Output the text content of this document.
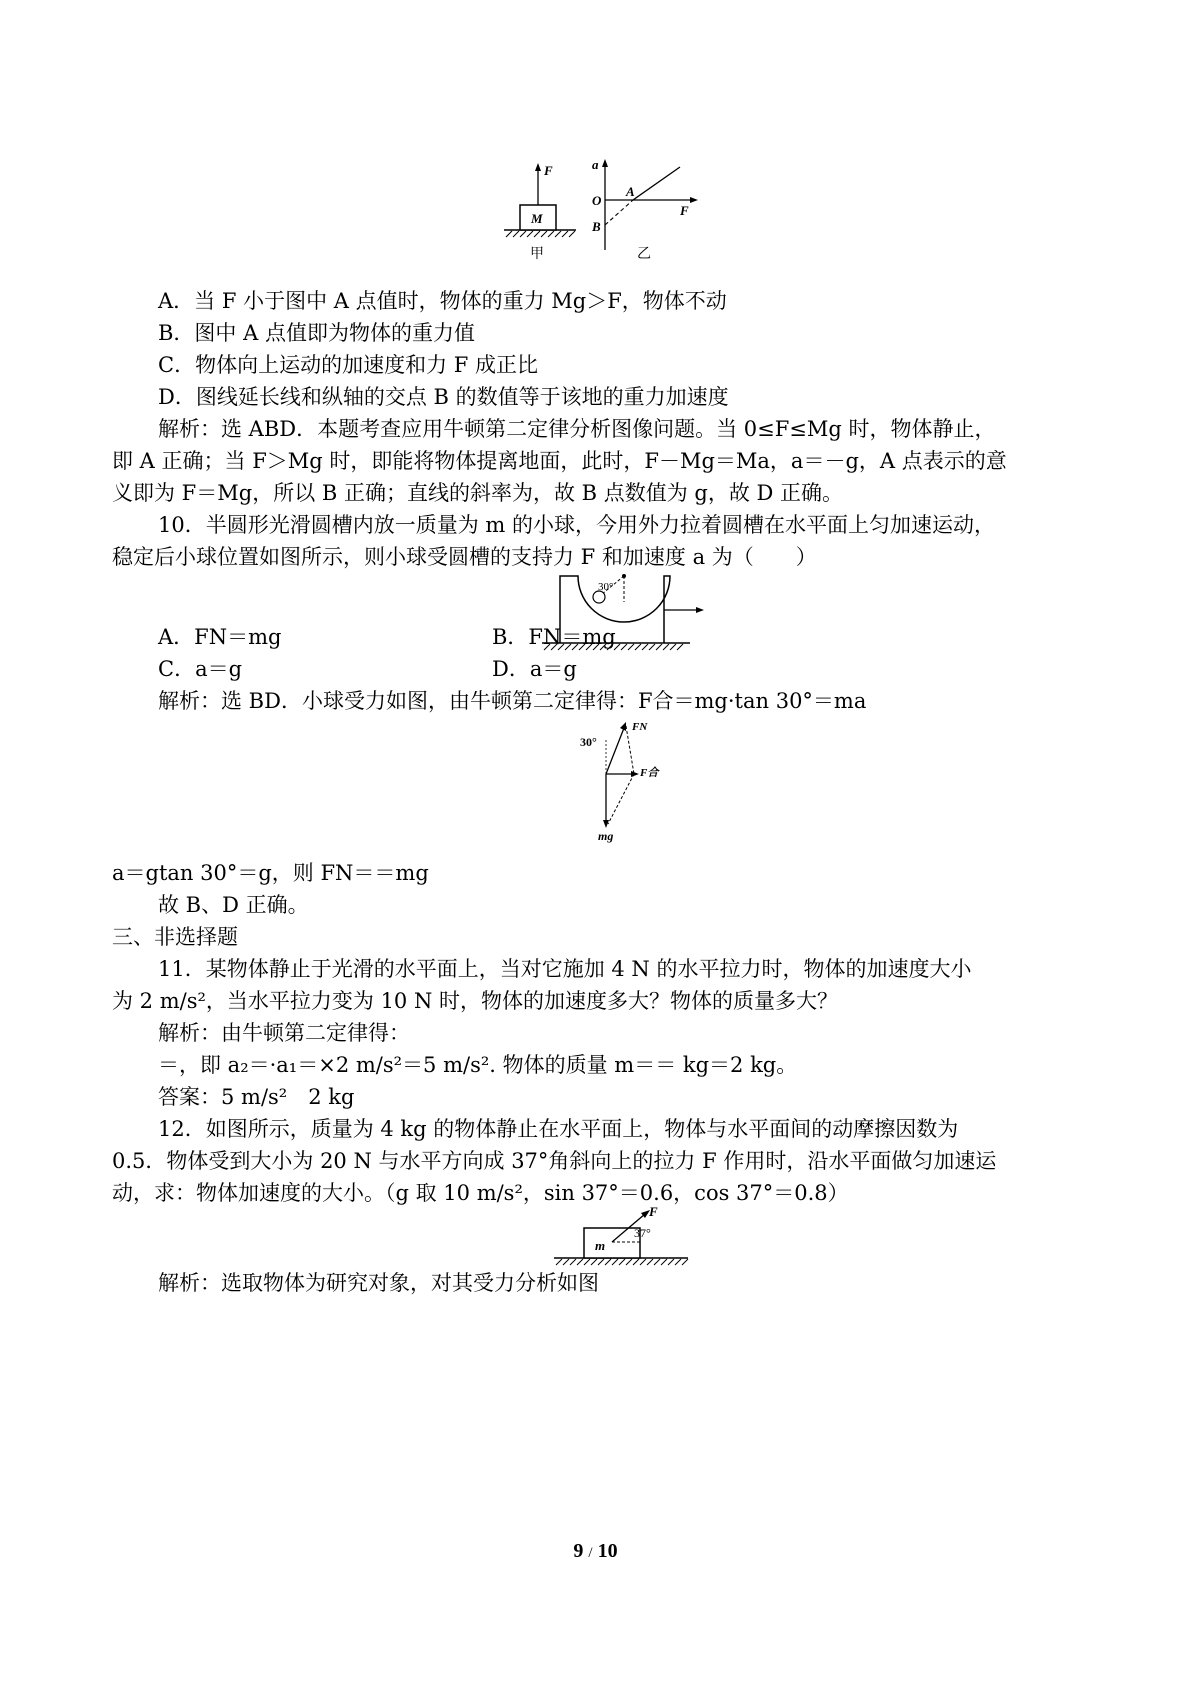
F
M
甲
a
O
A
B
F
乙
A．当 F 小于图中 A 点值时，物体的重力 Mg＞F，物体不动
B．图中 A 点值即为物体的重力值
C．物体向上运动的加速度和力 F 成正比
D．图线延长线和纵轴的交点 B 的数值等于该地的重力加速度
解析：选 ABD．本题考查应用牛顿第二定律分析图像问题。当 0≤F≤Mg 时，物体静止，
即 A 正确；当 F＞Mg 时，即能将物体提离地面，此时，F－Mg＝Ma，a＝－g，A 点表示的意
义即为 F＝Mg，所以 B 正确；直线的斜率为，故 B 点数值为 g，故 D 正确。
10．半圆形光滑圆槽内放一质量为 m 的小球，今用外力拉着圆槽在水平面上匀加速运动，
稳定后小球位置如图所示，则小球受圆槽的支持力 F 和加速度 a 为（　　）
30°
A．FN＝mg	B．FN＝mg
C．a＝g	D．a＝g
解析：选 BD．小球受力如图，由牛顿第二定律得：F合＝mg·tan 30°＝ma
30°
FN
F合
mg
a＝gtan 30°＝g，则 FN＝＝mg
故 B、D 正确。
三、非选择题
11．某物体静止于光滑的水平面上，当对它施加 4 N 的水平拉力时，物体的加速度大小
为 2 m/s²，当水平拉力变为 10 N 时，物体的加速度多大？物体的质量多大？
解析：由牛顿第二定律得：
＝，即 a₂＝·a₁＝×2 m/s²＝5 m/s². 物体的质量 m＝＝ kg＝2 kg。
答案：5 m/s²　2 kg
12．如图所示，质量为 4 kg 的物体静止在水平面上，物体与水平面间的动摩擦因数为
0.5．物体受到大小为 20 N 与水平方向成 37°角斜向上的拉力 F 作用时，沿水平面做匀加速运
动，求：物体加速度的大小。（g 取 10 m/s²，sin 37°＝0.6，cos 37°＝0.8）
F
m
37°
解析：选取物体为研究对象，对其受力分析如图
9 / 10
